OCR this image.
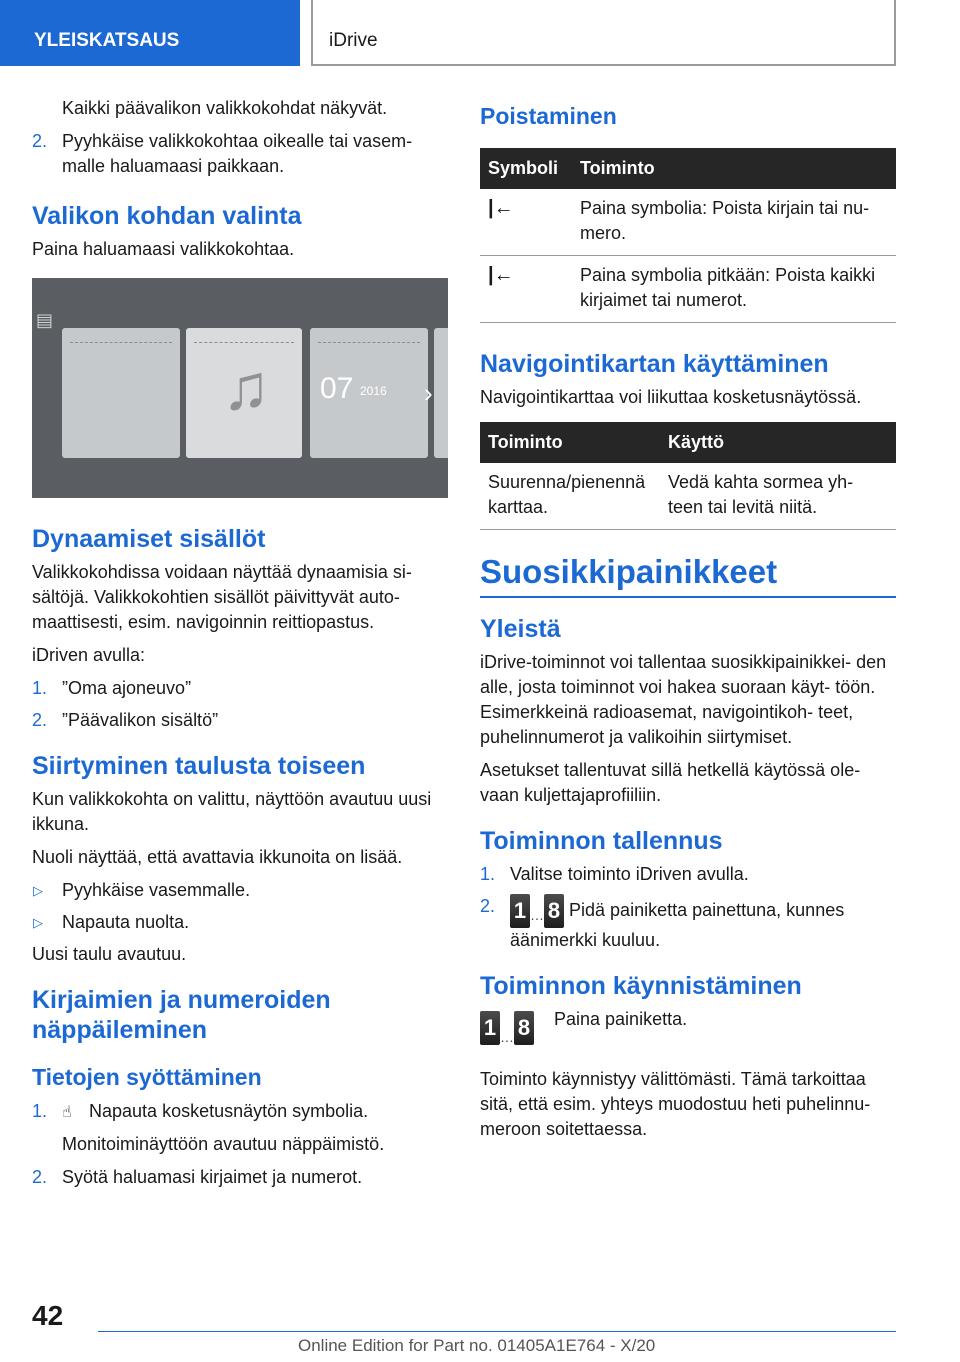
YLEISKATSAUS	iDrive

Kaikki päävalikon valikkokohdat näkyvät.

2. Pyyhkäise valikkokohtaa oikealle tai vasem- malle haluamaasi paikkaan.
Valikon kohdan valinta

Paina haluamaasi valikkokohtaa.

▤
♫ 07 2016 ›
Dynaamiset sisällöt

Valikkokohdissa voidaan näyttää dynaamisia si- sältöjä. Valikkokohtien sisällöt päivittyvät auto- maattisesti, esim. navigoinnin reittiopastus.

iDriven avulla:

1. ”Oma ajoneuvo”
2. ”Päävalikon sisältö”
Siirtyminen taulusta toiseen

Kun valikkokohta on valittu, näyttöön avautuu uusi ikkuna.

Nuoli näyttää, että avattavia ikkunoita on lisää.

▷ Pyyhkäise vasemmalle.
▷ Napauta nuolta.

Uusi taulu avautuu.

Kirjaimien ja numeroiden näppäileminen
Tietojen syöttäminen
1. ☝ Napauta kosketusnäytön symbolia.

Monitoiminäyttöön avautuu näppäimistö.

2. Syötä haluamasi kirjaimet ja numerot.
Poistaminen
Symboli	Toiminto
|←	Paina symbolia: Poista kirjain tai nu- mero.
|←	Paina symbolia pitkään: Poista kaikki kirjaimet tai numerot.
Navigointikartan käyttäminen

Navigointikarttaa voi liikuttaa kosketusnäytössä.

Toiminto	Käyttö
Suurenna/pienennä karttaa.	Vedä kahta sormea yh- teen tai levitä niitä.
Suosikkipainikkeet
Yleistä

iDrive-toiminnot voi tallentaa suosikkipainikkei- den alle, josta toiminnot voi hakea suoraan käyt- töön. Esimerkkeinä radioasemat, navigointikoh- teet, puhelinnumerot ja valikoihin siirtymiset.

Asetukset tallentuvat sillä hetkellä käytössä ole- vaan kuljettajaprofiiliin.

Toiminnon tallennus
1. Valitse toiminto iDriven avulla.
2. 1 … 8 Pidä painiketta painettuna, kunnes äänimerkki kuuluu.
Toiminnon käynnistäminen
1 … 8 Paina painiketta.

Toiminto käynnistyy välittömästi. Tämä tarkoittaa sitä, että esim. yhteys muodostuu heti puhelinnu- meroon soitettaessa.

42
Online Edition for Part no. 01405A1E764 - X/20
